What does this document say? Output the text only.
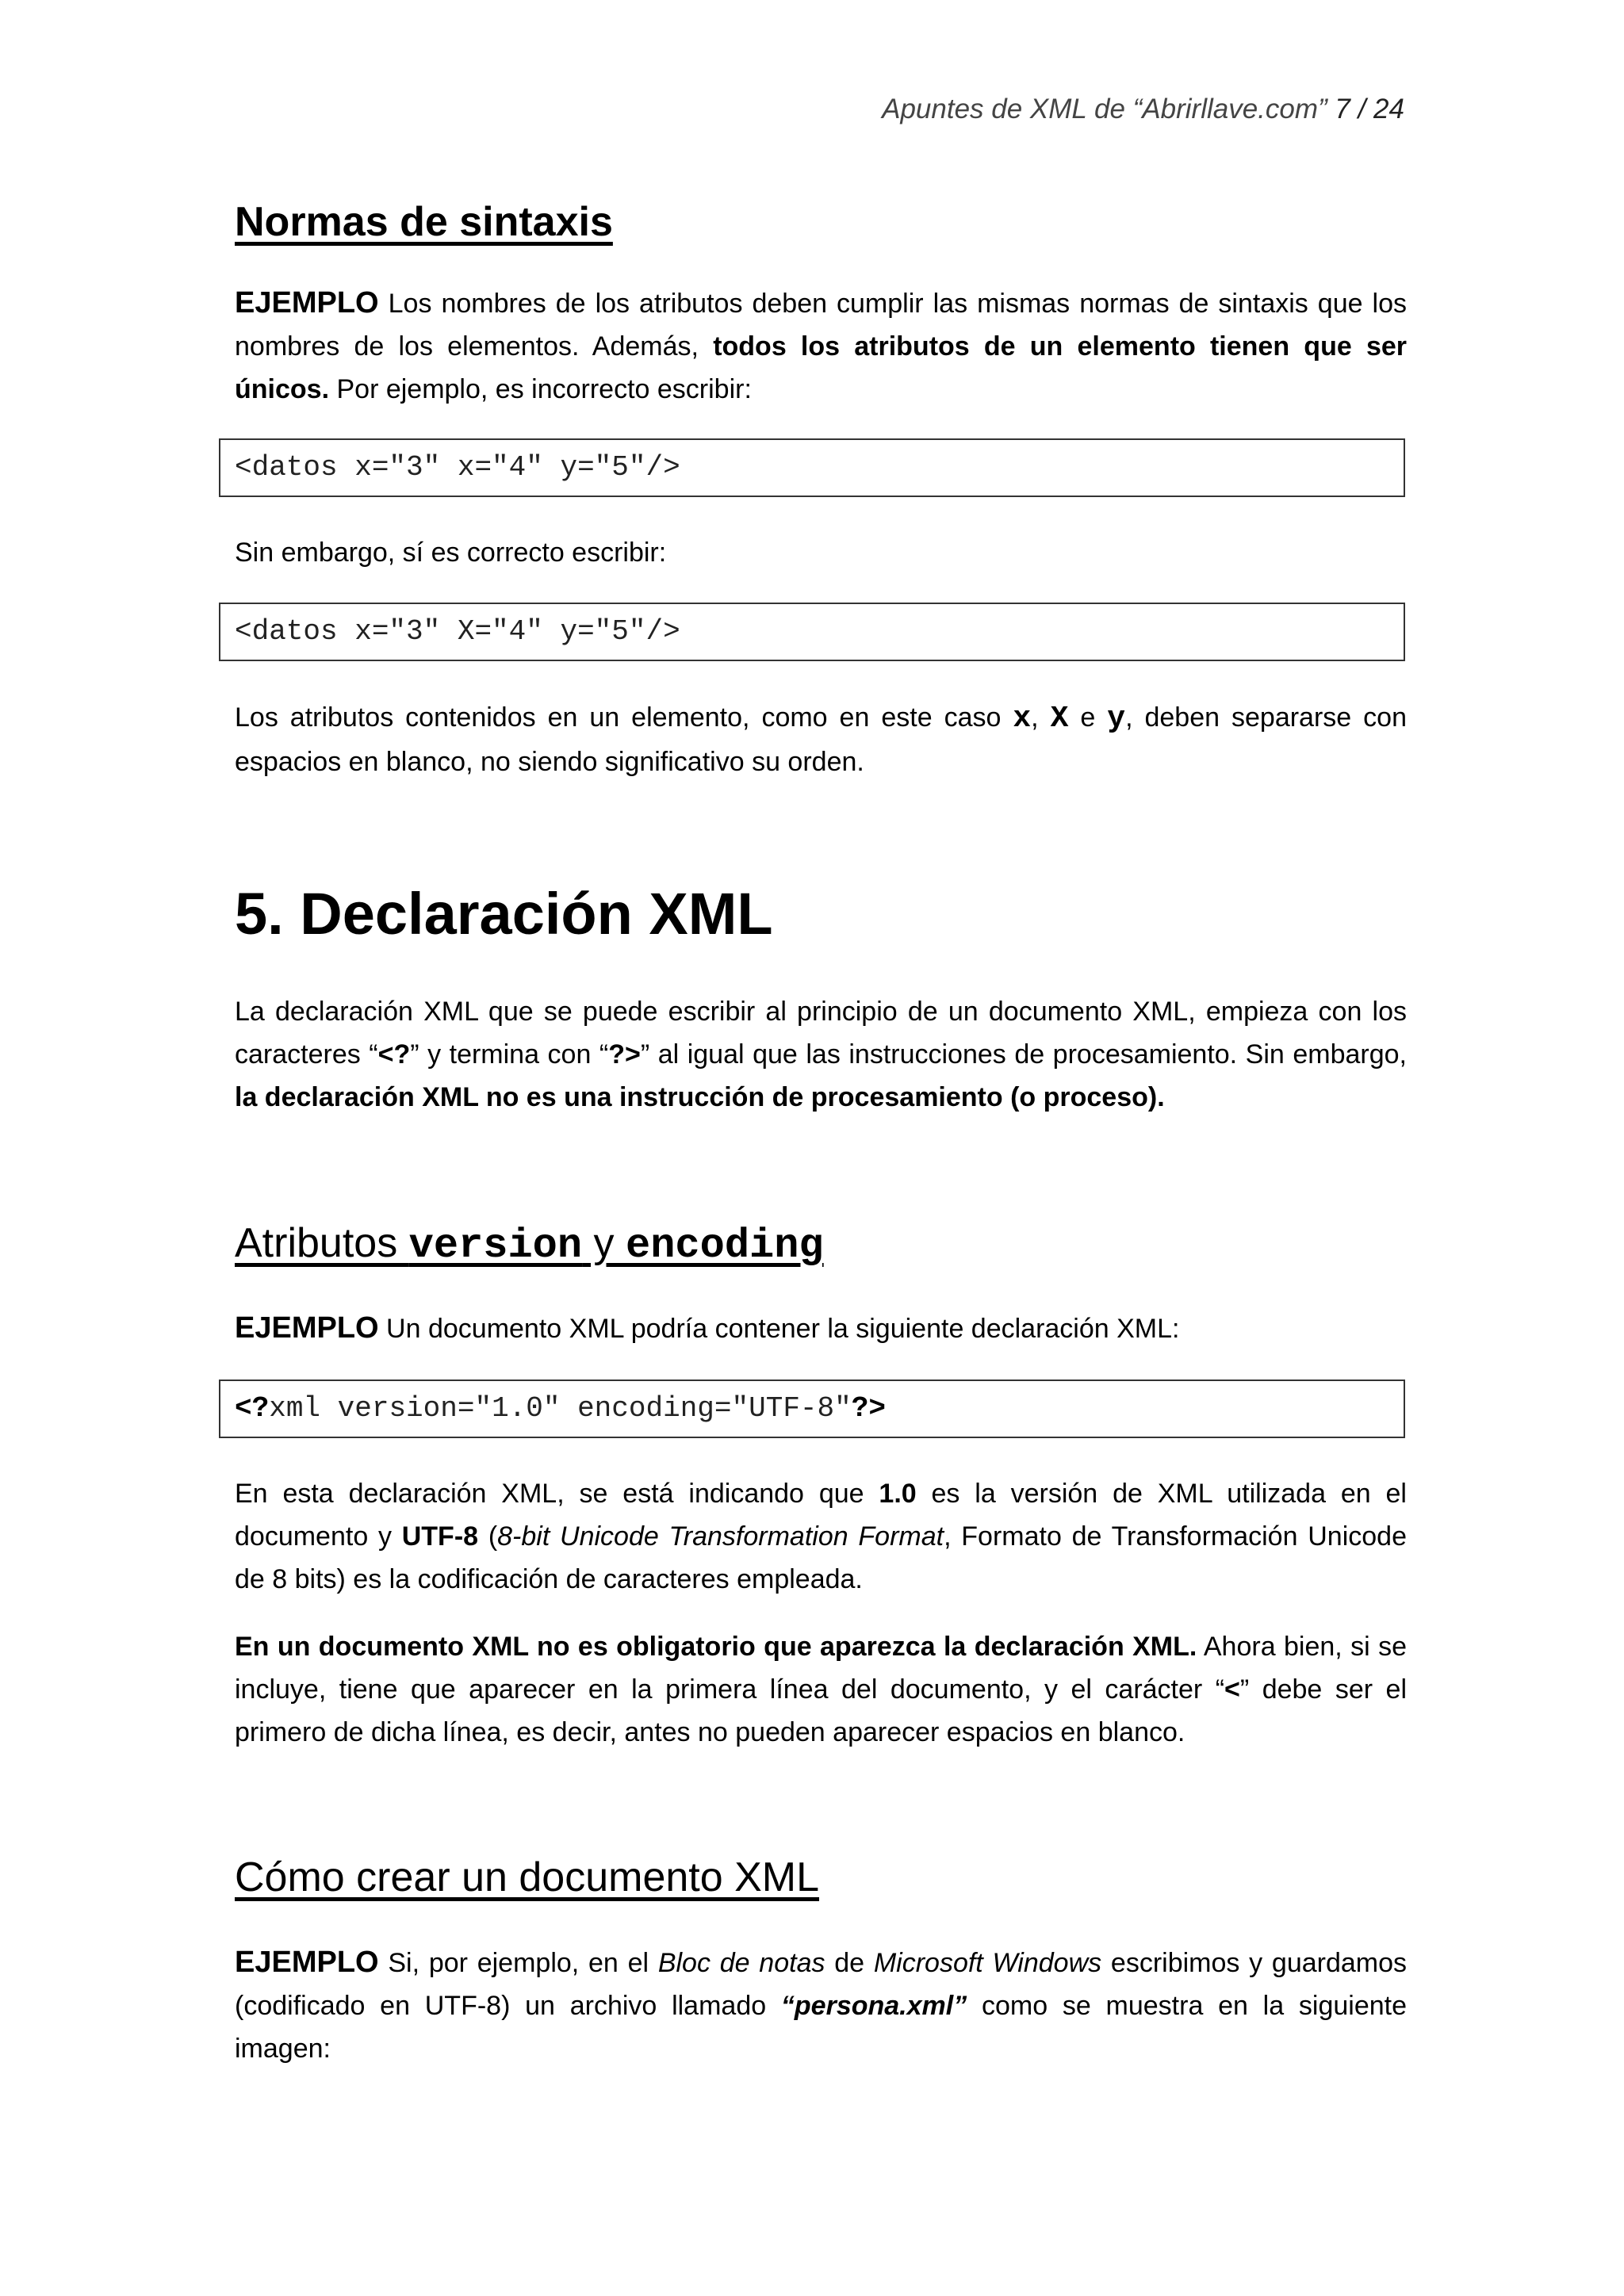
Apuntes de XML de “Abrirllave.com” 7 / 24
Normas de sintaxis

EJEMPLO Los nombres de los atributos deben cumplir las mismas normas de sintaxis que los nombres de los elementos. Además, todos los atributos de un elemento tienen que ser únicos. Por ejemplo, es incorrecto escribir:

<datos x="3" x="4" y="5"/>

Sin embargo, sí es correcto escribir:

<datos x="3" X="4" y="5"/>

Los atributos contenidos en un elemento, como en este caso x, X e y, deben separarse con espacios en blanco, no siendo significativo su orden.

5. Declaración XML

La declaración XML que se puede escribir al principio de un documento XML, empieza con los caracteres “<?” y termina con “?>” al igual que las instrucciones de procesamiento. Sin embargo, la declaración XML no es una instrucción de procesamiento (o proceso).

Atributos version y encoding

EJEMPLO Un documento XML podría contener la siguiente declaración XML:

<?xml version="1.0" encoding="UTF-8"?>

En esta declaración XML, se está indicando que 1.0 es la versión de XML utilizada en el documento y UTF-8 (8-bit Unicode Transformation Format, Formato de Transformación Unicode de 8 bits) es la codificación de caracteres empleada.

En un documento XML no es obligatorio que aparezca la declaración XML. Ahora bien, si se incluye, tiene que aparecer en la primera línea del documento, y el carácter “<” debe ser el primero de dicha línea, es decir, antes no pueden aparecer espacios en blanco.

Cómo crear un documento XML

EJEMPLO Si, por ejemplo, en el Bloc de notas de Microsoft Windows escribimos y guardamos (codificado en UTF-8) un archivo llamado “persona.xml” como se muestra en la siguiente imagen:
